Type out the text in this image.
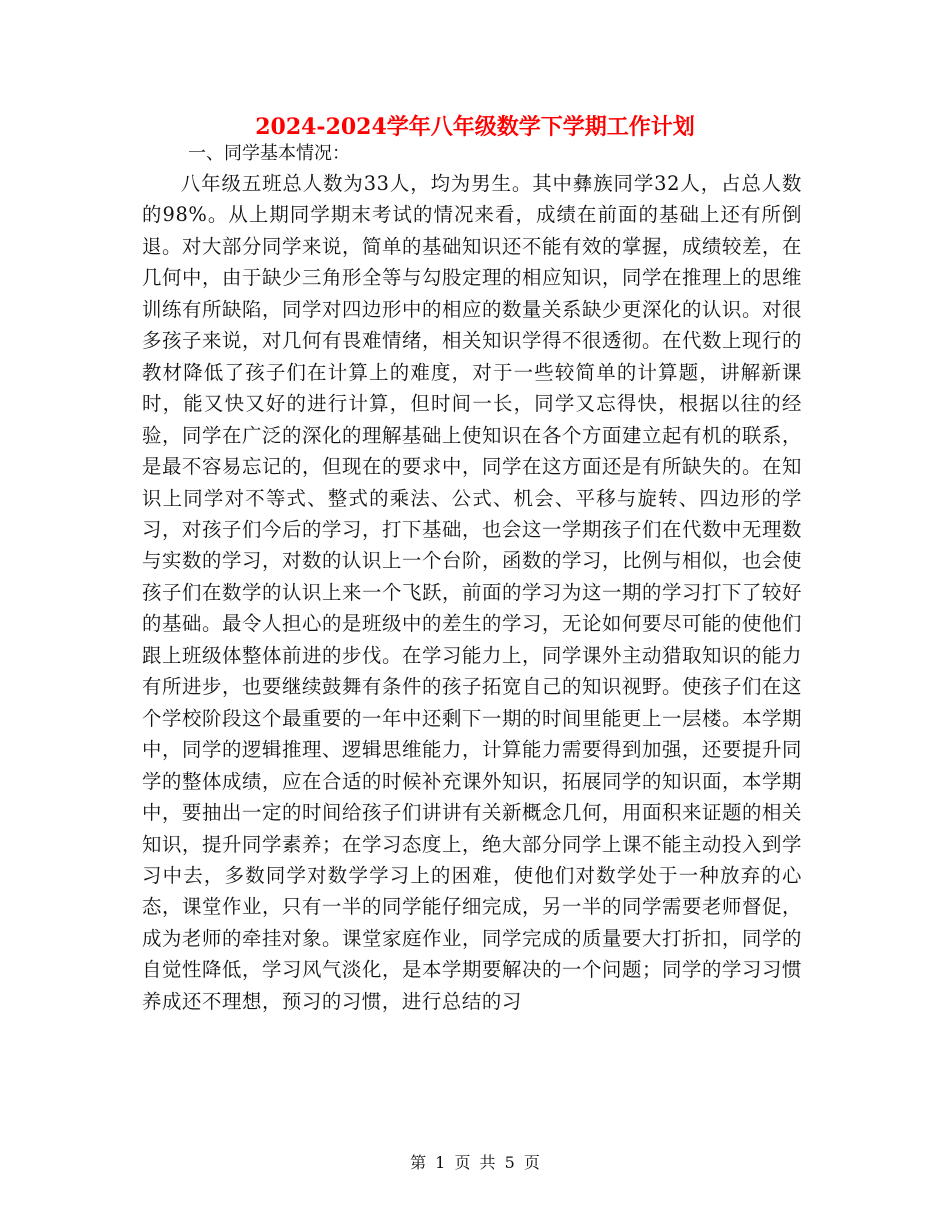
2024-2024学年八年级数学下学期工作计划

一、同学基本情况：

八年级五班总人数为33人，均为男生。其中彝族同学32人，占总人数的98%。从上期同学期末考试的情况来看，成绩在前面的基础上还有所倒退。对大部分同学来说，简单的基础知识还不能有效的掌握，成绩较差，在几何中，由于缺少三角形全等与勾股定理的相应知识，同学在推理上的思维训练有所缺陷，同学对四边形中的相应的数量关系缺少更深化的认识。对很多孩子来说，对几何有畏难情绪，相关知识学得不很透彻。在代数上现行的教材降低了孩子们在计算上的难度，对于一些较简单的计算题，讲解新课时，能又快又好的进行计算，但时间一长，同学又忘得快，根据以往的经验，同学在广泛的深化的理解基础上使知识在各个方面建立起有机的联系，是最不容易忘记的，但现在的要求中，同学在这方面还是有所缺失的。在知识上同学对不等式、整式的乘法、公式、机会、平移与旋转、四边形的学习，对孩子们今后的学习，打下基础，也会这一学期孩子们在代数中无理数与实数的学习，对数的认识上一个台阶，函数的学习，比例与相似，也会使孩子们在数学的认识上来一个飞跃，前面的学习为这一期的学习打下了较好的基础。最令人担心的是班级中的差生的学习，无论如何要尽可能的使他们跟上班级体整体前进的步伐。在学习能力上，同学课外主动猎取知识的能力有所进步，也要继续鼓舞有条件的孩子拓宽自己的知识视野。使孩子们在这个学校阶段这个最重要的一年中还剩下一期的时间里能更上一层楼。本学期中，同学的逻辑推理、逻辑思维能力，计算能力需要得到加强，还要提升同学的整体成绩，应在合适的时候补充课外知识，拓展同学的知识面，本学期中，要抽出一定的时间给孩子们讲讲有关新概念几何，用面积来证题的相关知识，提升同学素养；在学习态度上，绝大部分同学上课不能主动投入到学习中去，多数同学对数学学习上的困难，使他们对数学处于一种放弃的心态，课堂作业，只有一半的同学能仔细完成，另一半的同学需要老师督促，成为老师的牵挂对象。课堂家庭作业，同学完成的质量要大打折扣，同学的自觉性降低，学习风气淡化，是本学期要解决的一个问题；同学的学习习惯养成还不理想，预习的习惯，进行总结的习

第 1 页 共 5 页
